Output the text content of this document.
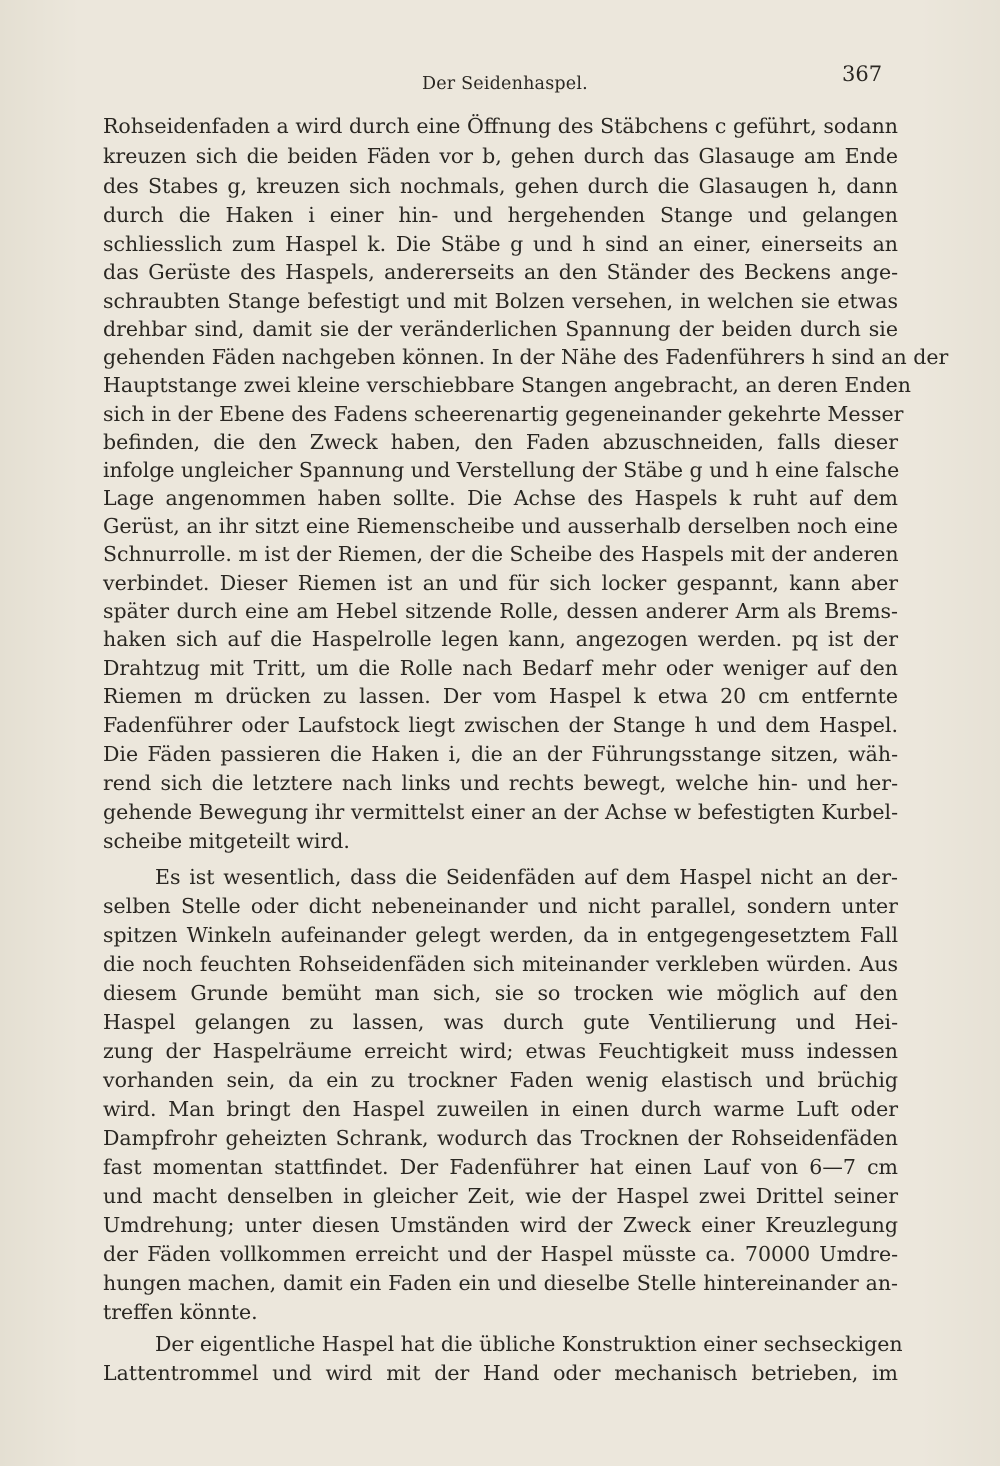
Der Seidenhaspel.	367
Rohseidenfaden a wird durch eine Öffnung des Stäbchens c geführt, sodann
kreuzen sich die beiden Fäden vor b, gehen durch das Glasauge am Ende
des Stabes g, kreuzen sich nochmals, gehen durch die Glasaugen h, dann
durch die Haken i einer hin- und hergehenden Stange und gelangen
schliesslich zum Haspel k. Die Stäbe g und h sind an einer, einerseits an
das Gerüste des Haspels, andererseits an den Ständer des Beckens ange-
schraubten Stange befestigt und mit Bolzen versehen, in welchen sie etwas
drehbar sind, damit sie der veränderlichen Spannung der beiden durch sie
gehenden Fäden nachgeben können. In der Nähe des Fadenführers h sind an der
Hauptstange zwei kleine verschiebbare Stangen angebracht, an deren Enden
sich in der Ebene des Fadens scheerenartig gegeneinander gekehrte Messer
befinden, die den Zweck haben, den Faden abzuschneiden, falls dieser
infolge ungleicher Spannung und Verstellung der Stäbe g und h eine falsche
Lage angenommen haben sollte. Die Achse des Haspels k ruht auf dem
Gerüst, an ihr sitzt eine Riemenscheibe und ausserhalb derselben noch eine
Schnurrolle. m ist der Riemen, der die Scheibe des Haspels mit der anderen
verbindet. Dieser Riemen ist an und für sich locker gespannt, kann aber
später durch eine am Hebel sitzende Rolle, dessen anderer Arm als Brems-
haken sich auf die Haspelrolle legen kann, angezogen werden. pq ist der
Drahtzug mit Tritt, um die Rolle nach Bedarf mehr oder weniger auf den
Riemen m drücken zu lassen. Der vom Haspel k etwa 20 cm entfernte
Fadenführer oder Laufstock liegt zwischen der Stange h und dem Haspel.
Die Fäden passieren die Haken i, die an der Führungsstange sitzen, wäh-
rend sich die letztere nach links und rechts bewegt, welche hin- und her-
gehende Bewegung ihr vermittelst einer an der Achse w befestigten Kurbel-
scheibe mitgeteilt wird.
Es ist wesentlich, dass die Seidenfäden auf dem Haspel nicht an der-
selben Stelle oder dicht nebeneinander und nicht parallel, sondern unter
spitzen Winkeln aufeinander gelegt werden, da in entgegengesetztem Fall
die noch feuchten Rohseidenfäden sich miteinander verkleben würden. Aus
diesem Grunde bemüht man sich, sie so trocken wie möglich auf den
Haspel gelangen zu lassen, was durch gute Ventilierung und Hei-
zung der Haspelräume erreicht wird; etwas Feuchtigkeit muss indessen
vorhanden sein, da ein zu trockner Faden wenig elastisch und brüchig
wird. Man bringt den Haspel zuweilen in einen durch warme Luft oder
Dampfrohr geheizten Schrank, wodurch das Trocknen der Rohseidenfäden
fast momentan stattfindet. Der Fadenführer hat einen Lauf von 6—7 cm
und macht denselben in gleicher Zeit, wie der Haspel zwei Drittel seiner
Umdrehung; unter diesen Umständen wird der Zweck einer Kreuzlegung
der Fäden vollkommen erreicht und der Haspel müsste ca. 70000 Umdre-
hungen machen, damit ein Faden ein und dieselbe Stelle hintereinander an-
treffen könnte.
Der eigentliche Haspel hat die übliche Konstruktion einer sechseckigen
Lattentrommel und wird mit der Hand oder mechanisch betrieben, im
